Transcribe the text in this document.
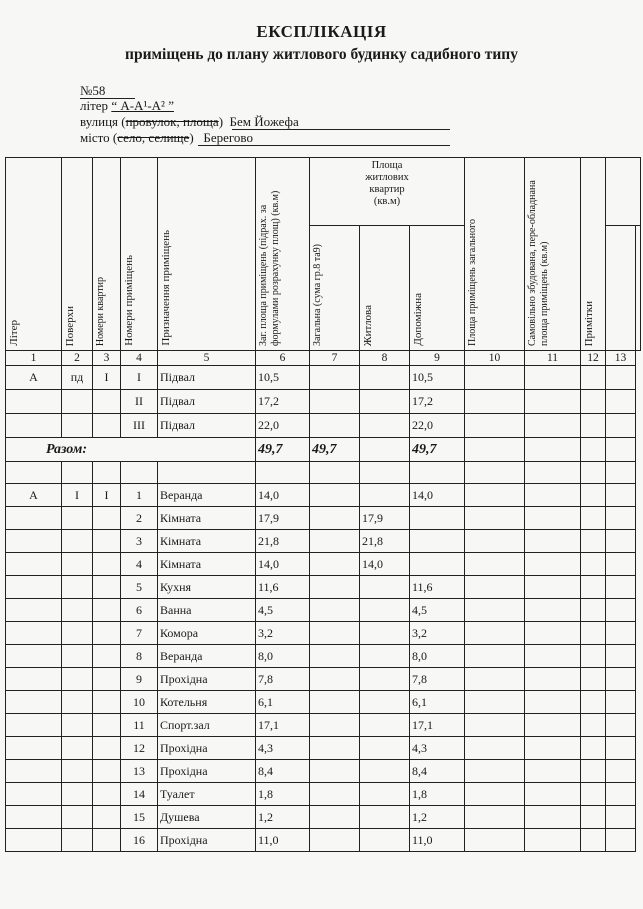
ЕКСПЛІКАЦІЯ
приміщень до плану житлового будинку садибного типу
№58
літер “ А-А¹-А² ”
вулиця (провулок, площа) Бем Йожефа
місто (село, селище) Берегово
Літер	Поверхи	Номери квартир	Номери приміщень	Призначення приміщень	Заг. площа приміщень (підрах. за формулами розрахунку площ) (кв.м)	Площа житлових квартир (кв.м)			Площа приміщень загального	Самовільно збудована, пере-обладнана площа приміщень (кв.м)	Примітки		

						Загальна (сума гр.8 та9)	Житлова	Допоміжна					

1	2	3	4	5	6	7	8	9	10	11	12	13	
А	пд	І	І	Підвал	10,5			10,5					
			ІІ	Підвал	17,2			17,2					
			ІІІ	Підвал	22,0			22,0					
Разом:					49,7	49,7		49,7					

А	І	І	1	Веранда	14,0			14,0					
			2	Кімната	17,9		17,9						
			3	Кімната	21,8		21,8						
			4	Кімната	14,0		14,0						
			5	Кухня	11,6			11,6					
			6	Ванна	4,5			4,5					
			7	Комора	3,2			3,2					
			8	Веранда	8,0			8,0					
			9	Прохідна	7,8			7,8					
			10	Котельня	6,1			6,1					
			11	Спорт.зал	17,1			17,1					
			12	Прохідна	4,3			4,3					
			13	Прохідна	8,4			8,4					
			14	Туалет	1,8			1,8					
			15	Душева	1,2			1,2					
			16	Прохідна	11,0			11,0					
